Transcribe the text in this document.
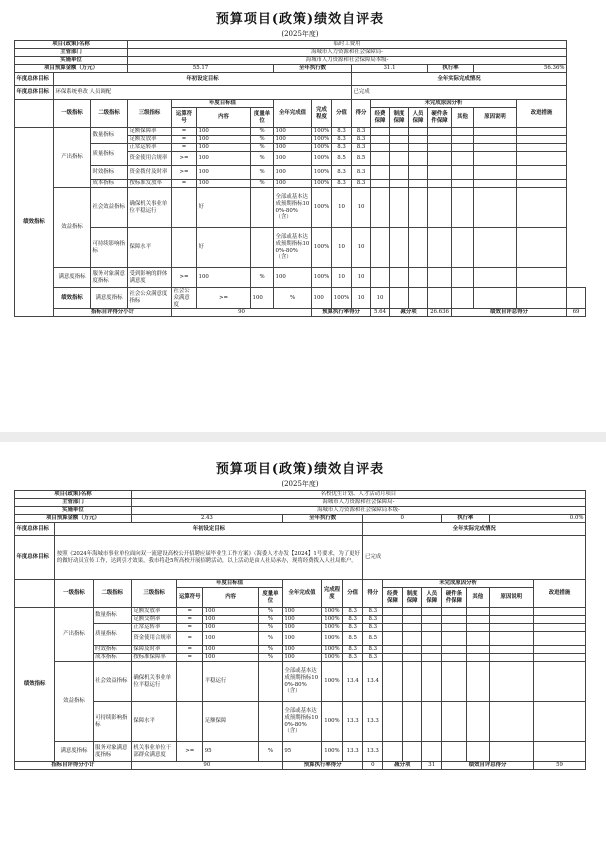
预算项目(政策)绩效自评表
(2025年度)
项目(政策)名称			临时工费用															
主管部门			海城市人力资源和社会保障局-															
实施单位			海城市人力资源和社会保障局本级-															
项目预算金额（万元）			55.17				全年执行数			31.1				执行率		56.36%		
年度总体目标	年初设定目标									全年实际完成情况								
年度总体目标	环保系统垂改 人员调配									已完成								
	一级指标	二级指标	三级指标	年度目标值			全年完成值	完成程度	分值	得分	未完成原因分析						改进措施	
				运算符号	内容	度量单位					经费保障	制度保障	人员保障	硬件条件保障	其他	原因说明		
绩效指标	产出指标	数量指标	足额保障率	=	100	%	100	100%	8.3	8.3								
			足额发放率	=	100	%	100	100%	8.3	8.3								
		质量指标	正常运转率	=	100	%	100	100%	8.3	8.3								
			资金使用合规率	>=	100	%	100	100%	8.5	8.5								
		时效指标	资金拨付及时率	>=	100	%	100	100%	8.3	8.3								
		成本指标	按标准发放率	=	100	%	100	100%	8.3	8.3								
	效益指标	社会效益指标	确保机关事业单位平稳运行		好		全部或基本达成预期指标100%-80%（含）	100%	10	10								
		可持续影响指标	保障水平		好		全部或基本达成预期指标100%-80%（含）	100%	10	10								
	满意度指标	服务对象满意度指标	受到影响的群体满意度	>=	100	%	100	100%	10	10								
	绩效指标	满意度指标	社会公众满意度指标	社会公众满意度	>=	100	%	100	100%	10	10							
	指标自评得分小计			90				预算执行率得分			5.64	减分项		26.636	绩效自评总得分			69
预算项目(政策)绩效自评表
(2025年度)
项目(政策)名称			名校优生计划、人才活动月项目														
主管部门			海城市人力资源和社会保障局-														
实施单位			海城市人力资源和社会保障局本级-														
项目预算金额（万元）			2.43				全年执行数			0				执行率		0.0%	
年度总体目标	年初设定目标									全年实际完成情况							
年度总体目标	按照《2024年海城市事业单位面向双一流建设高校公开招聘应届毕业生工作方案》（海委人才办发【2024】1号要求，为了更好的做好动员宣传工作，达到引才效果，我市将赴5所高校开展招聘活动，以上活动是由人社局承办，现将经费拨入人社局账户。									已完成							
	一级指标	二级指标	三级指标	年度目标值			全年完成值	完成程度	分值	得分	未完成原因分析						改进措施
				运算符号	内容	度量单位					经费保障	制度保障	人员保障	硬件条件保障	其他	原因说明	
绩效指标	产出指标	数量指标	足额发放率	=	100	%	100	100%	8.3	8.3							
			足额交纳率	=	100	%	100	100%	8.3	8.3							
		质量指标	正常运转率	=	100	%	100	100%	8.3	8.3							
			资金使用合规率	=	100	%	100	100%	8.5	8.5							
		时效指标	保障及时率	=	100	%	100	100%	8.3	8.3							
		成本指标	按标准保障率	=	100	%	100	100%	8.3	8.3							
	效益指标	社会效益指标	确保机关事业单位平稳运行		平稳运行		全部或基本达成预期指标100%-80%（含）	100%	13.4	13.4							
		可持续影响指标	保障水平		足额保障		全部或基本达成预期指标100%-80%（含）	100%	13.3	13.3							
	满意度指标	服务对象满意度指标	机关事业单位干部群众满意度	>=	95	%	95	100%	13.3	13.3							
指标自评得分小计			90				预算执行率得分			0	减分项		31	绩效自评总得分			59
